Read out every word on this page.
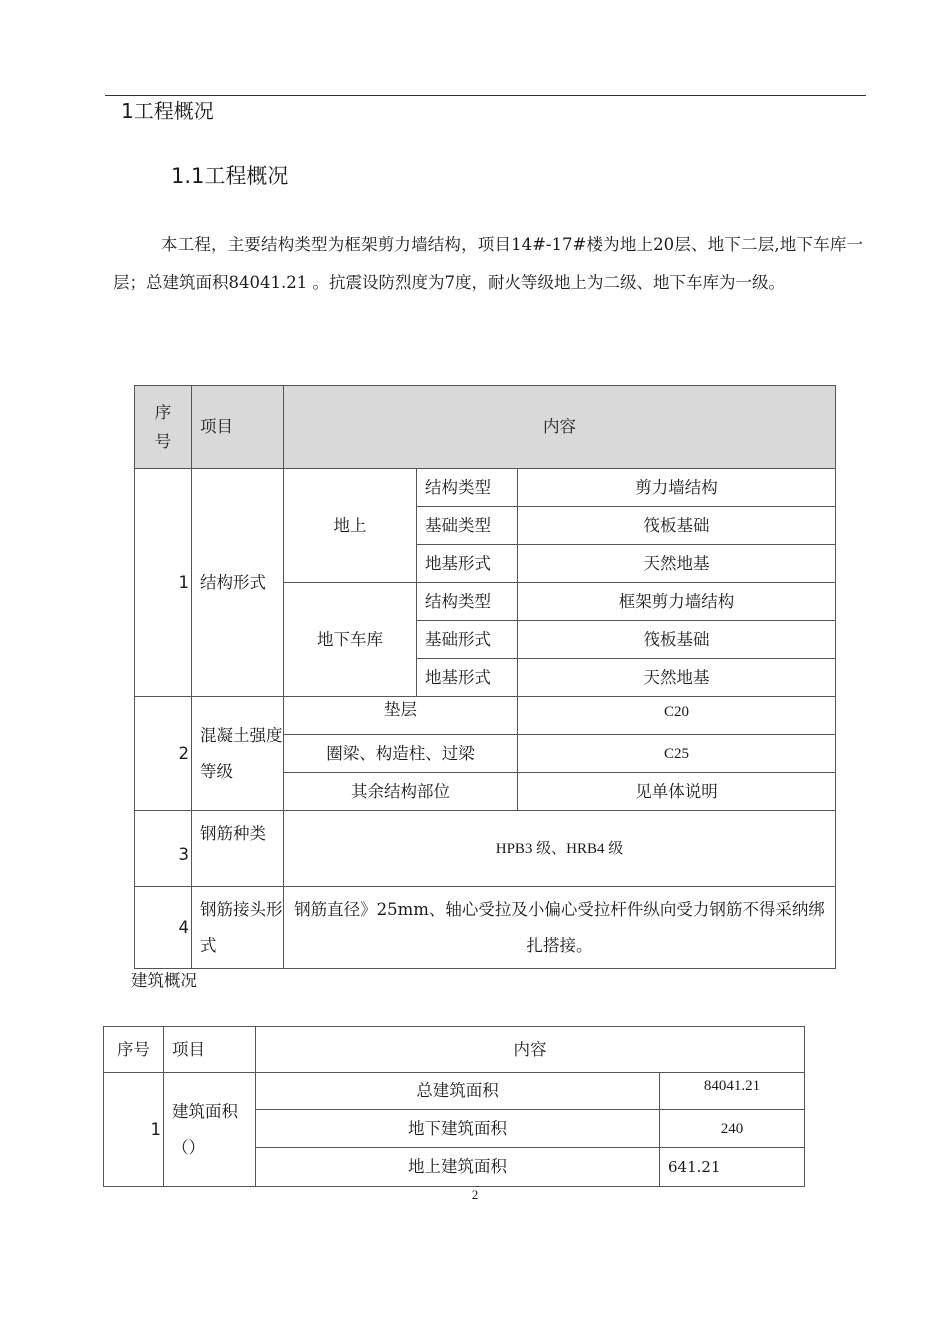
1工程概况
1.1工程概况
本工程，主要结构类型为框架剪力墙结构，项目14#-17#楼为地上20层、地下二层,地下车库一层；总建筑面积84041.21 。抗震设防烈度为7度，耐火等级地上为二级、地下车库为一级。
序号	项目	内容		
1	结构形式	地上	结构类型	剪力墙结构
			基础类型	筏板基础
			地基形式	天然地基
		地下车库	结构类型	框架剪力墙结构
			基础形式	筏板基础
			地基形式	天然地基
2	混凝土强度等级	垫层		C20
		圈梁、构造柱、过梁		C25
		其余结构部位		见单体说明
3	钢筋种类	HPB3 级、HRB4 级		
4	钢筋接头形式	钢筋直径》25mm、轴心受拉及小偏心受拉杆件纵向受力钢筋不得采纳绑扎搭接。		
建筑概况
序号	项目	内容	
1	建筑面积（）	总建筑面积	84041.21
		地下建筑面积	240
		地上建筑面积	641.21
2
